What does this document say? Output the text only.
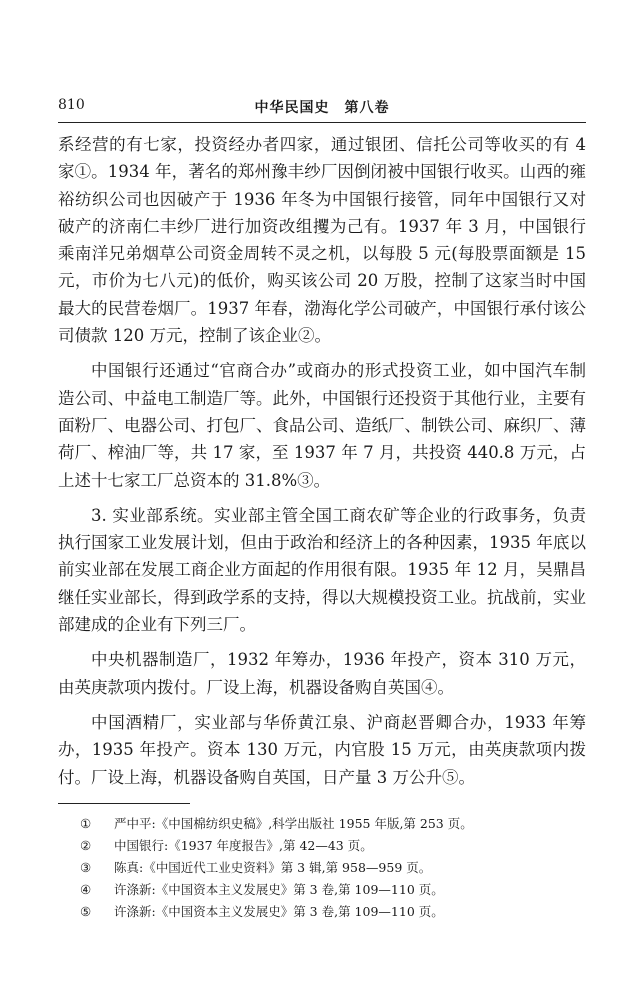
810	中华民国史　第八卷

系经营的有七家，投资经办者四家，通过银团、信托公司等收买的有 4 家①。1934 年，著名的郑州豫丰纱厂因倒闭被中国银行收买。山西的雍裕纺织公司也因破产于 1936 年冬为中国银行接管，同年中国银行又对破产的济南仁丰纱厂进行加资改组攫为己有。1937 年 3 月，中国银行乘南洋兄弟烟草公司资金周转不灵之机，以每股 5 元(每股票面额是 15 元，市价为七八元)的低价，购买该公司 20 万股，控制了这家当时中国最大的民营卷烟厂。1937 年春，渤海化学公司破产，中国银行承付该公司债款 120 万元，控制了该企业②。

中国银行还通过“官商合办”或商办的形式投资工业，如中国汽车制造公司、中益电工制造厂等。此外，中国银行还投资于其他行业，主要有面粉厂、电器公司、打包厂、食品公司、造纸厂、制铁公司、麻织厂、薄荷厂、榨油厂等，共 17 家，至 1937 年 7 月，共投资 440.8 万元，占上述十七家工厂总资本的 31.8%③。

3. 实业部系统。实业部主管全国工商农矿等企业的行政事务，负责执行国家工业发展计划，但由于政治和经济上的各种因素，1935 年底以前实业部在发展工商企业方面起的作用很有限。1935 年 12 月，吴鼎昌继任实业部长，得到政学系的支持，得以大规模投资工业。抗战前，实业部建成的企业有下列三厂。

中央机器制造厂，1932 年筹办，1936 年投产，资本 310 万元，由英庚款项内拨付。厂设上海，机器设备购自英国④。

中国酒精厂，实业部与华侨黄江泉、沪商赵晋卿合办，1933 年筹办，1935 年投产。资本 130 万元，内官股 15 万元，由英庚款项内拨付。厂设上海，机器设备购自英国，日产量 3 万公升⑤。

①	严中平:《中国棉纺织史稿》,科学出版社 1955 年版,第 253 页。
②	中国银行:《1937 年度报告》,第 42—43 页。
③	陈真:《中国近代工业史资料》第 3 辑,第 958—959 页。
④	许涤新:《中国资本主义发展史》第 3 卷,第 109—110 页。
⑤	许涤新:《中国资本主义发展史》第 3 卷,第 109—110 页。
